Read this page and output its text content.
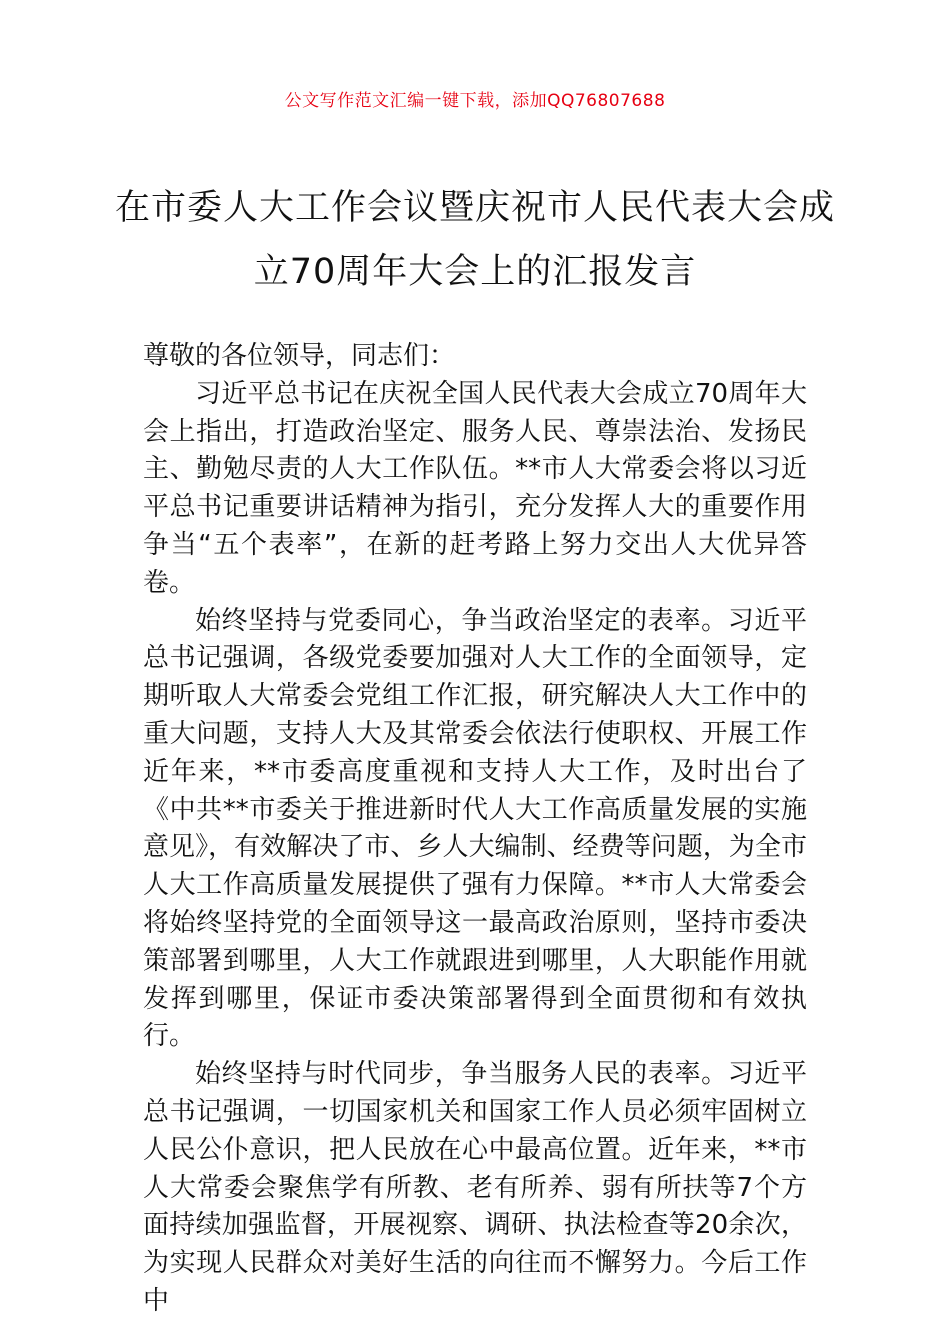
公文写作范文汇编一键下载，添加QQ76807688
在市委人大工作会议暨庆祝市人民代表大会成立70周年大会上的汇报发言

尊敬的各位领导，同志们：

习近平总书记在庆祝全国人民代表大会成立70周年大会上指出，打造政治坚定、服务人民、尊崇法治、发扬民主、勤勉尽责的人大工作队伍。**市人大常委会将以习近平总书记重要讲话精神为指引，充分发挥人大的重要作用争当“五个表率”，在新的赶考路上努力交出人大优异答卷。

始终坚持与党委同心，争当政治坚定的表率。习近平总书记强调，各级党委要加强对人大工作的全面领导，定期听取人大常委会党组工作汇报，研究解决人大工作中的重大问题，支持人大及其常委会依法行使职权、开展工作近年来，**市委高度重视和支持人大工作，及时出台了《中共**市委关于推进新时代人大工作高质量发展的实施意见》，有效解决了市、乡人大编制、经费等问题，为全市人大工作高质量发展提供了强有力保障。**市人大常委会将始终坚持党的全面领导这一最高政治原则，坚持市委决策部署到哪里，人大工作就跟进到哪里，人大职能作用就发挥到哪里，保证市委决策部署得到全面贯彻和有效执行。

始终坚持与时代同步，争当服务人民的表率。习近平总书记强调，一切国家机关和国家工作人员必须牢固树立人民公仆意识，把人民放在心中最高位置。近年来，**市人大常委会聚焦学有所教、老有所养、弱有所扶等7个方面持续加强监督，开展视察、调研、执法检查等20余次，为实现人民群众对美好生活的向往而不懈努力。今后工作中
